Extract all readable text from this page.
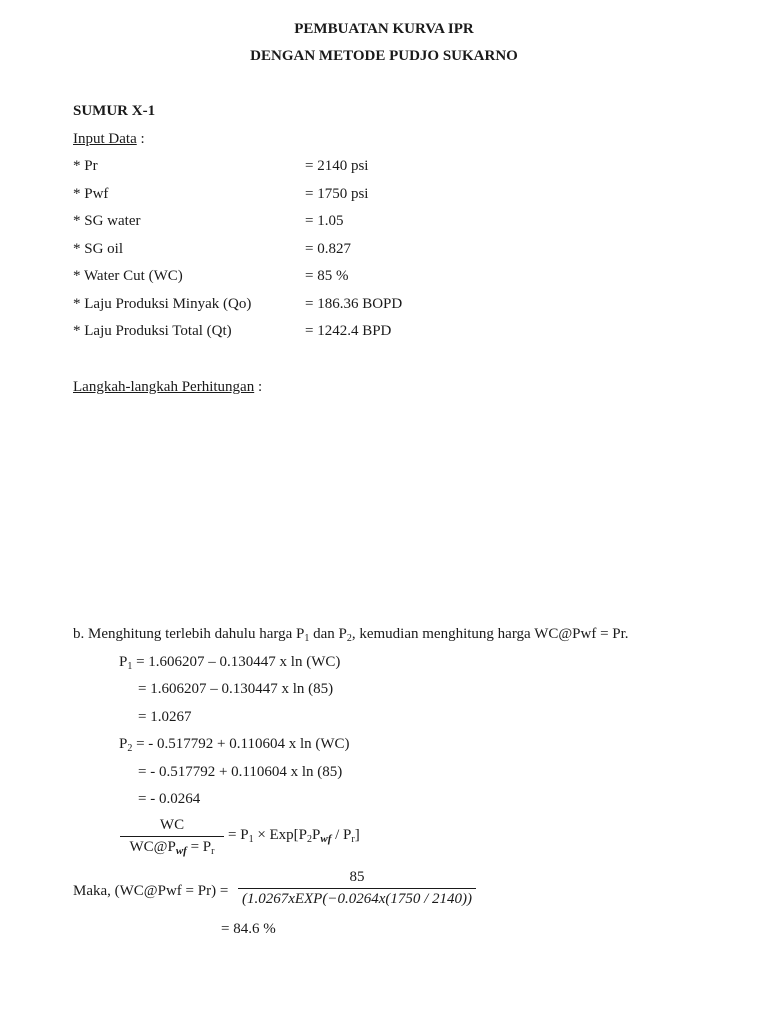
PEMBUATAN KURVA IPR
DENGAN METODE PUDJO SUKARNO
SUMUR X-1
Input Data :
* Pr	= 2140 psi
* Pwf	= 1750 psi
* SG water	= 1.05
* SG oil	= 0.827
* Water Cut (WC)	= 85 %
* Laju Produksi Minyak (Qo)	= 186.36 BOPD
* Laju Produksi Total (Qt)	= 1242.4 BPD
Langkah-langkah Perhitungan :
b. Menghitung terlebih dahulu harga $P_1$ dan $P_2$, kemudian menghitung harga WC@Pwf = Pr.
$P_1 = 1.606207 - 0.130447$ x ln (WC)
= 1.606207 – 0.130447 x ln (85)
= 1.0267
$P_2$ = - 0.517792 + 0.110604 x ln (WC)
= - 0.517792 + 0.110604 x ln (85)
= - 0.0264
WC
$WC@P_{wf} = P_r$
= $P_1 \times Exp[P_2P_{wf} / P_r]$
Maka, (WC@Pwf = Pr) =
85
(1.0267xEXP(−0.0264x(1750 / 2140))
= 84.6 %
